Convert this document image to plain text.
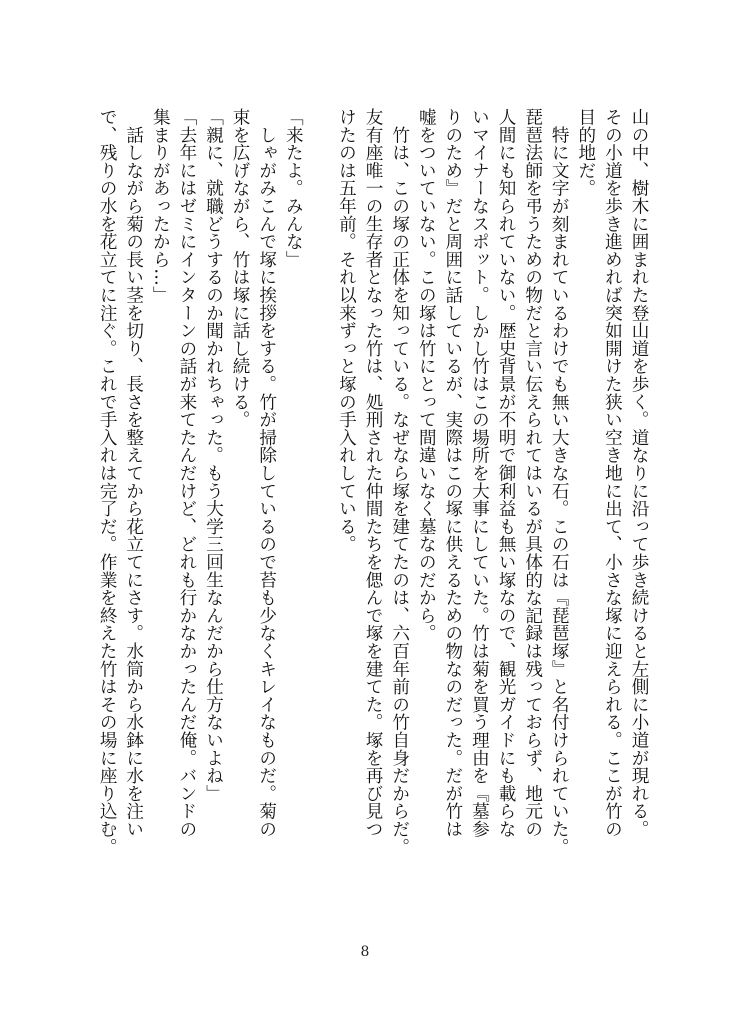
山の中、樹木に囲まれた登山道を歩く。道なりに沿って歩き続けると左側に小道が現れる。
その小道を歩き進めれば突如開けた狭い空き地に出て、小さな塚に迎えられる。ここが竹の
目的地だ。
　特に文字が刻まれているわけでも無い大きな石。この石は『琵琶塚』と名付けられていた。
琵琶法師を弔うための物だと言い伝えられてはいるが具体的な記録は残っておらず、地元の
人間にも知られていない。歴史背景が不明で御利益も無い塚なので、観光ガイドにも載らな
いマイナーなスポット。しかし竹はこの場所を大事にしていた。竹は菊を買う理由を『墓参
りのため』だと周囲に話しているが、実際はこの塚に供えるための物なのだった。だが竹は
嘘をついていない。この塚は竹にとって間違いなく墓なのだから。
　竹は、この塚の正体を知っている。なぜなら塚を建てたのは、六百年前の竹自身だからだ。
友有座唯一の生存者となった竹は、処刑された仲間たちを偲んで塚を建てた。塚を再び見つ
けたのは五年前。それ以来ずっと塚の手入れしている。

「来たよ。みんな」
　しゃがみこんで塚に挨拶をする。竹が掃除しているので苔も少なくキレイなものだ。菊の
束を広げながら、竹は塚に話し続ける。
「親に、就職どうするのか聞かれちゃった。もう大学三回生なんだから仕方ないよね」
「去年にはゼミにインターンの話が来てたんだけど、どれも行かなかったんだ俺。バンドの
集まりがあったから…」
　話しながら菊の長い茎を切り、長さを整えてから花立てにさす。水筒から水鉢に水を注い
で、残りの水を花立てに注ぐ。これで手入れは完了だ。作業を終えた竹はその場に座り込む。
8
